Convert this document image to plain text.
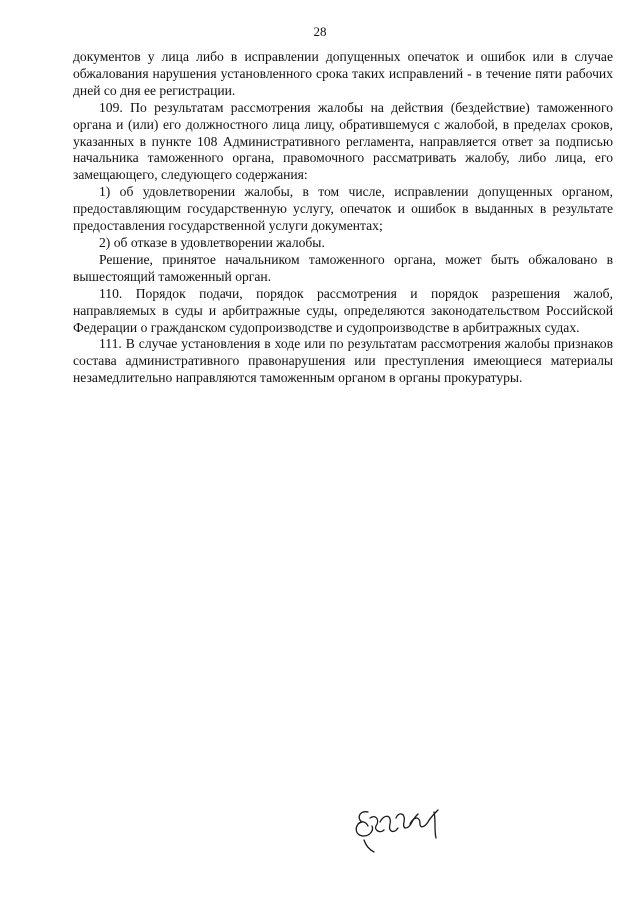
28

документов у лица либо в исправлении допущенных опечаток и ошибок или в случае обжалования нарушения установленного срока таких исправлений - в течение пяти рабочих дней со дня ее регистрации.

109. По результатам рассмотрения жалобы на действия (бездействие) таможенного органа и (или) его должностного лица лицу, обратившемуся с жалобой, в пределах сроков, указанных в пункте 108 Административного регламента, направляется ответ за подписью начальника таможенного органа, правомочного рассматривать жалобу, либо лица, его замещающего, следующего содержания:

1) об удовлетворении жалобы, в том числе, исправлении допущенных органом, предоставляющим государственную услугу, опечаток и ошибок в выданных в результате предоставления государственной услуги документах;

2) об отказе в удовлетворении жалобы.

Решение, принятое начальником таможенного органа, может быть обжаловано в вышестоящий таможенный орган.

110. Порядок подачи, порядок рассмотрения и порядок разрешения жалоб, направляемых в суды и арбитражные суды, определяются законодательством Российской Федерации о гражданском судопроизводстве и судопроизводстве в арбитражных судах.

111. В случае установления в ходе или по результатам рассмотрения жалобы признаков состава административного правонарушения или преступления имеющиеся материалы незамедлительно направляются таможенным органом в органы прокуратуры.
